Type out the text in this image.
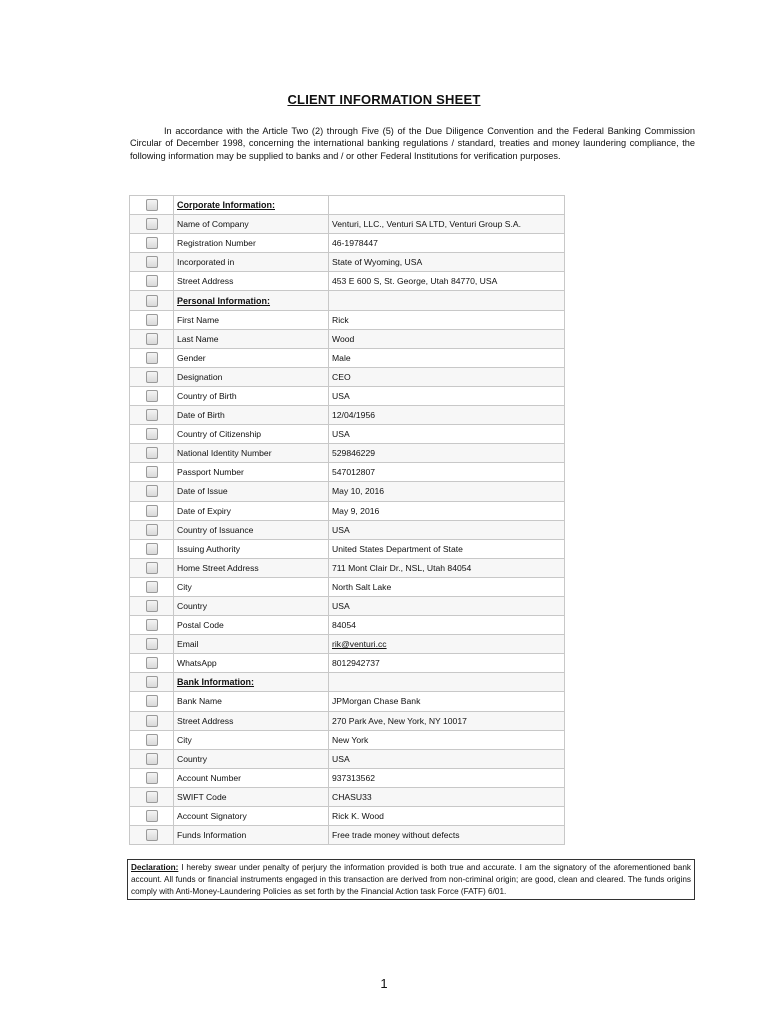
CLIENT INFORMATION SHEET
In accordance with the Article Two (2) through Five (5) of the Due Diligence Convention and the Federal Banking Commission Circular of December 1998, concerning the international banking regulations / standard, treaties and money laundering compliance, the following information may be supplied to banks and / or other Federal Institutions for verification purposes.
	Corporate Information:	
	Name of Company	Venturi, LLC., Venturi SA LTD, Venturi Group S.A.
	Registration Number	46-1978447
	Incorporated in	State of Wyoming, USA
	Street Address	453 E 600 S, St. George, Utah 84770, USA
	Personal Information:	
	First Name	Rick
	Last Name	Wood
	Gender	Male
	Designation	CEO
	Country of Birth	USA
	Date of Birth	12/04/1956
	Country of Citizenship	USA
	National Identity Number	529846229
	Passport Number	547012807
	Date of Issue	May 10, 2016
	Date of Expiry	May 9, 2016
	Country of Issuance	USA
	Issuing Authority	United States Department of State
	Home Street Address	711 Mont Clair Dr., NSL, Utah 84054
	City	North Salt Lake
	Country	USA
	Postal Code	84054
	Email	rik@venturi.cc
	WhatsApp	8012942737
	Bank Information:	
	Bank Name	JPMorgan Chase Bank
	Street Address	270 Park Ave, New York, NY 10017
	City	New York
	Country	USA
	Account Number	937313562
	SWIFT Code	CHASU33
	Account Signatory	Rick K. Wood
	Funds Information	Free trade money without defects
Declaration: I hereby swear under penalty of perjury the information provided is both true and accurate. I am the signatory of the aforementioned bank account. All funds or financial instruments engaged in this transaction are derived from non-criminal origin; are good, clean and cleared. The funds origins comply with Anti-Money-Laundering Policies as set forth by the Financial Action task Force (FATF) 6/01.
1
